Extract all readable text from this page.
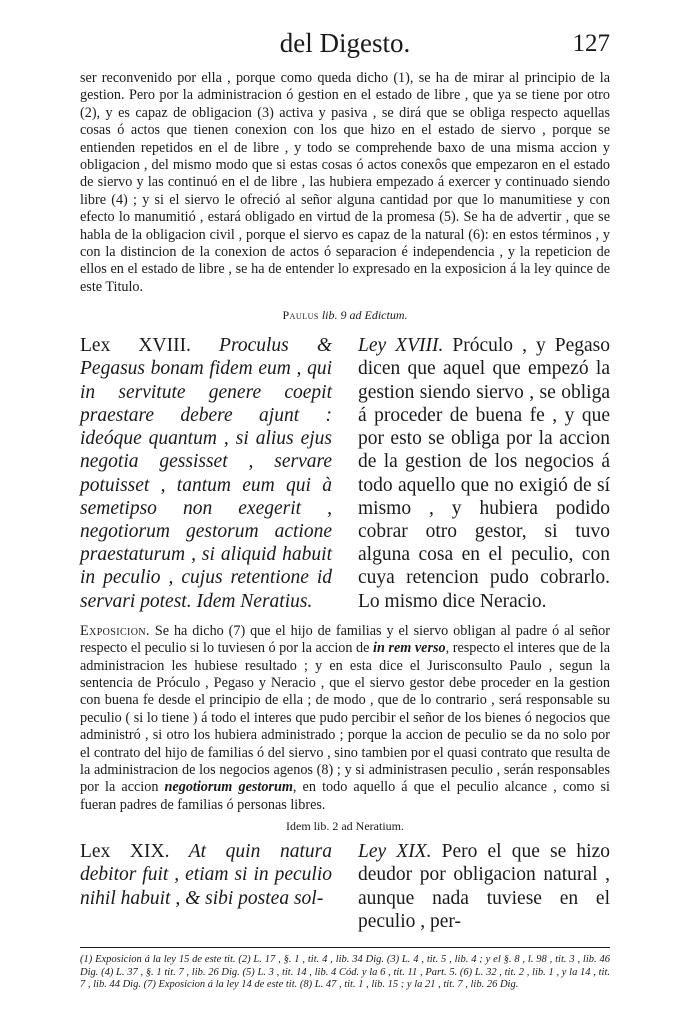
del Digesto.	127

ser reconvenido por ella , porque como queda dicho (1), se ha de mirar al principio de la gestion. Pero por la administracion ó gestion en el estado de libre , que ya se tiene por otro (2), y es capaz de obligacion (3) activa y pasiva , se dirá que se obliga respecto aquellas cosas ó actos que tienen conexion con los que hizo en el estado de siervo , porque se entienden repetidos en el de libre , y todo se comprehende baxo de una misma accion y obligacion , del mismo modo que si estas cosas ó actos conexôs que empezaron en el estado de siervo y las continuó en el de libre , las hubiera empezado á exercer y continuado siendo libre (4) ; y si el siervo le ofreció al señor alguna cantidad por que lo manumitiese y con efecto lo manumitió , estará obligado en virtud de la promesa (5). Se ha de advertir , que se habla de la obligacion civil , porque el siervo es capaz de la natural (6): en estos términos , y con la distincion de la conexion de actos ó separacion é independencia , y la repeticion de ellos en el estado de libre , se ha de entender lo expresado en la exposicion á la ley quince de este Titulo.

Paulus lib. 9 ad Edictum.
Lex XVIII. Proculus & Pegasus bonam fidem eum , qui in servitute genere coepit praestare debere ajunt : ideóque quantum , si alius ejus negotia gessisset , servare potuisset , tantum eum qui à semetipso non exegerit , negotiorum gestorum actione praestaturum , si aliquid habuit in peculio , cujus retentione id servari potest. Idem Neratius.
Ley XVIII. Próculo , y Pegaso dicen que aquel que empezó la gestion siendo siervo , se obliga á proceder de buena fe , y que por esto se obliga por la accion de la gestion de los negocios á todo aquello que no exigió de sí mismo , y hubiera podido cobrar otro gestor, si tuvo alguna cosa en el peculio, con cuya retencion pudo cobrarlo. Lo mismo dice Neracio.

Exposicion. Se ha dicho (7) que el hijo de familias y el siervo obligan al padre ó al señor respecto el peculio si lo tuviesen ó por la accion de in rem verso, respecto el interes que de la administracion les hubiese resultado ; y en esta dice el Jurisconsulto Paulo , segun la sentencia de Próculo , Pegaso y Neracio , que el siervo gestor debe proceder en la gestion con buena fe desde el principio de ella ; de modo , que de lo contrario , será responsable su peculio ( si lo tiene ) á todo el interes que pudo percibir el señor de los bienes ó negocios que administró , si otro los hubiera administrado ; porque la accion de peculio se da no solo por el contrato del hijo de familias ó del siervo , sino tambien por el quasi contrato que resulta de la administracion de los negocios agenos (8) ; y si administrasen peculio , serán responsables por la accion negotiorum gestorum, en todo aquello á que el peculio alcance , como si fueran padres de familias ó personas libres.

Idem lib. 2 ad Neratium.
Lex XIX. At quin natura debitor fuit , etiam si in peculio nihil habuit , & sibi postea sol-
Ley XIX. Pero el que se hizo deudor por obligacion natural , aunque nada tuviese en el peculio , per-

(1) Exposicion á la ley 15 de este tit. (2) L. 17 , §. 1 , tit. 4 , lib. 34 Dig. (3) L. 4 , tit. 5 , lib. 4 ; y el §. 8 , l. 98 , tit. 3 , lib. 46 Dig. (4) L. 37 , §. 1 tit. 7 , lib. 26 Dig. (5) L. 3 , tit. 14 , lib. 4 Cód. y la 6 , tit. 11 , Part. 5. (6) L. 32 , tit. 2 , lib. 1 , y la 14 , tit. 7 , lib. 44 Dig. (7) Exposicion á la ley 14 de este tit. (8) L. 47 , tit. 1 , lib. 15 ; y la 21 , tit. 7 , lib. 26 Dig.
